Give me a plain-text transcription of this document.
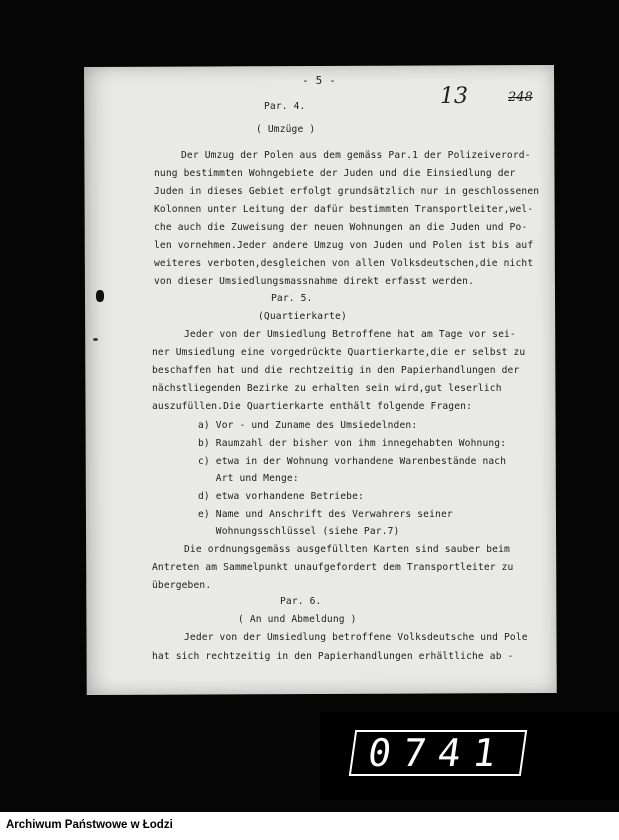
- 5 -
13	248
Par. 4.
( Umzüge )
Der Umzug der Polen aus dem gemäss Par.1 der Polizeiverord-
nung bestimmten Wohngebiete der Juden und die Einsiedlung der
Juden in dieses Gebiet erfolgt grundsätzlich nur in geschlossenen
Kolonnen unter Leitung der dafür bestimmten Transportleiter,wel-
che auch die Zuweisung der neuen Wohnungen an die Juden und Po-
len vornehmen.Jeder andere Umzug von Juden und Polen ist bis auf
weiteres verboten,desgleichen von allen Volksdeutschen,die nicht
von dieser Umsiedlungsmassnahme direkt erfasst werden.
Par. 5.
(Quartierkarte)
Jeder von der Umsiedlung Betroffene hat am Tage vor sei-
ner Umsiedlung eine vorgedrückte Quartierkarte,die er selbst zu
beschaffen hat und die rechtzeitig in den Papierhandlungen der
nächstliegenden Bezirke zu erhalten sein wird,gut leserlich
auszufüllen.Die Quartierkarte enthält folgende Fragen:
a) Vor - und Zuname des Umsiedelnden:
b) Raumzahl der bisher von ihm innegehabten Wohnung:
c) etwa in der Wohnung vorhandene Warenbestände nach
Art und Menge:
d) etwa vorhandene Betriebe:
e) Name und Anschrift des Verwahrers seiner
Wohnungsschlüssel (siehe Par.7)
Die ordnungsgemäss ausgefüllten Karten sind sauber beim
Antreten am Sammelpunkt unaufgefordert dem Transportleiter zu
übergeben.
Par. 6.
( An und Abmeldung )
Jeder von der Umsiedlung betroffene Volksdeutsche und Pole
hat sich rechtzeitig in den Papierhandlungen erhältliche ab -
0741
Archiwum Państwowe w Łodzi
